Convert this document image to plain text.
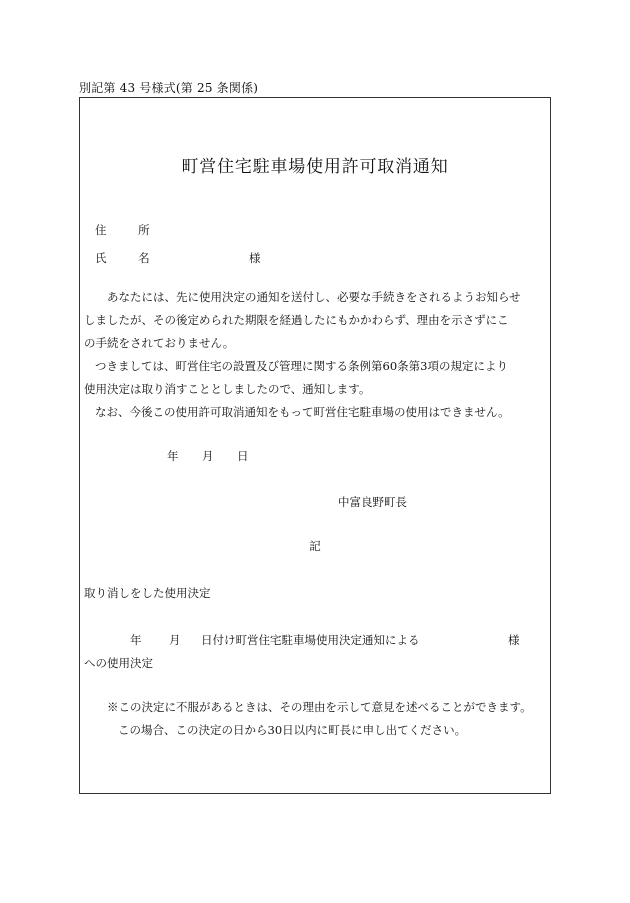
別記第 43 号様式(第 25 条関係)
町営住宅駐車場使用許可取消通知
住 所
氏 名	様
あなたには、先に使用決定の通知を送付し、必要な手続きをされるようお知らせ
しましたが、その後定められた期限を経過したにもかかわらず、理由を示さずにこ
の手続をされておりません。
つきましては、町営住宅の設置及び管理に関する条例第60条第3項の規定により
使用決定は取り消すこととしましたので、通知します。
なお、今後この使用許可取消通知をもって町営住宅駐車場の使用はできません。
年 月 日
中富良野町長
記
取り消しをした使用決定
年 月 日付け町営住宅駐車場使用決定通知による	様
への使用決定
※この決定に不服があるときは、その理由を示して意見を述べることができます。
この場合、この決定の日から30日以内に町長に申し出てください。
